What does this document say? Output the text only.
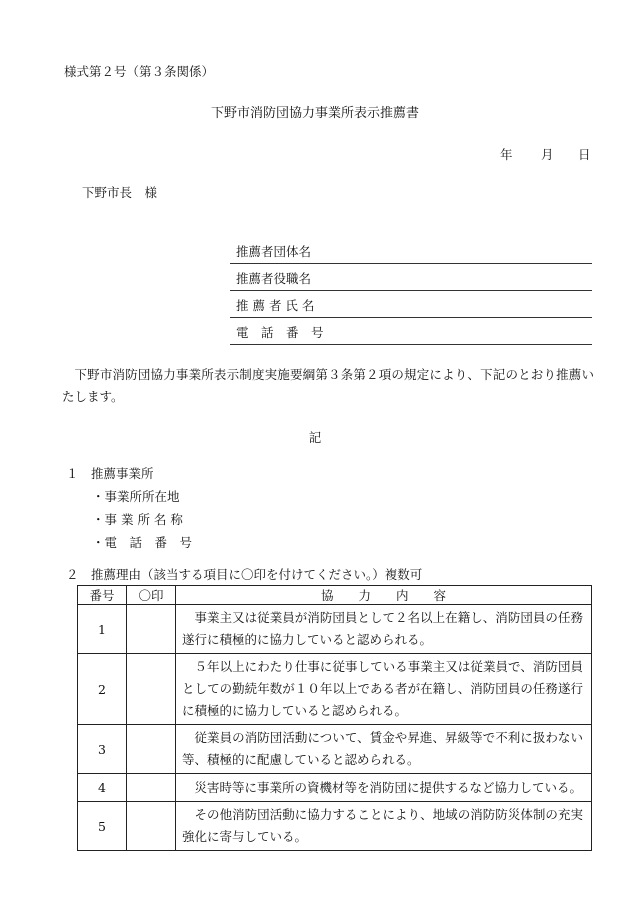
様式第２号（第３条関係）
下野市消防団協力事業所表示推薦書
年 月 日
下野市長　様
推薦者団体名
推薦者役職名
推 薦 者 氏 名
電　話　番　号
下野市消防団協力事業所表示制度実施要綱第３条第２項の規定により、下記のとおり推薦いたします。
記
１　推薦事業所
・事業所所在地
・事 業 所 名 称
・電　話　番　号
２　推薦理由（該当する項目に〇印を付けてください。）複数可
番号	〇印	協　　力　　内　　容
1		事業主又は従業員が消防団員として２名以上在籍し、消防団員の任務遂行に積極的に協力していると認められる。
2		５年以上にわたり仕事に従事している事業主又は従業員で、消防団員としての勤続年数が１０年以上である者が在籍し、消防団員の任務遂行に積極的に協力していると認められる。
3		従業員の消防団活動について、賃金や昇進、昇級等で不利に扱わない等、積極的に配慮していると認められる。
4		災害時等に事業所の資機材等を消防団に提供するなど協力している。
5		その他消防団活動に協力することにより、地域の消防防災体制の充実強化に寄与している。
